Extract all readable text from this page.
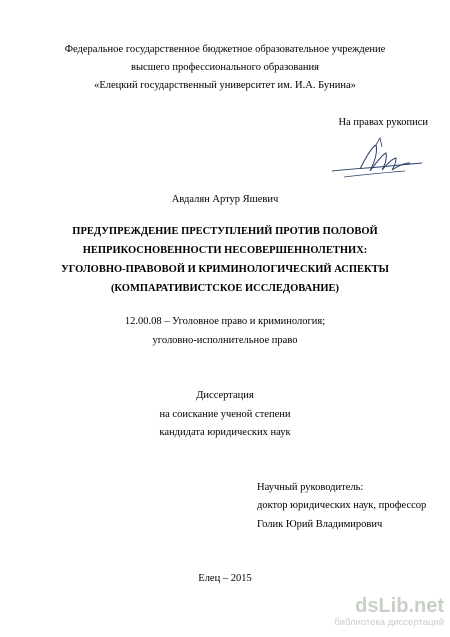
Федеральное государственное бюджетное образовательное учреждение
высшего профессионального образования
«Елецкий государственный университет им. И.А. Бунина»
На правах рукописи
Авдалян Артур Яшевич
ПРЕДУПРЕЖДЕНИЕ ПРЕСТУПЛЕНИЙ ПРОТИВ ПОЛОВОЙ
НЕПРИКОСНОВЕННОСТИ НЕСОВЕРШЕННОЛЕТНИХ:
УГОЛОВНО-ПРАВОВОЙ И КРИМИНОЛОГИЧЕСКИЙ АСПЕКТЫ
(КОМПАРАТИВИСТСКОЕ ИССЛЕДОВАНИЕ)
12.00.08 – Уголовное право и криминология;
уголовно-исполнительное право
Диссертация
на соискание ученой степени
кандидата юридических наук
Научный руководитель:
доктор юридических наук, профессор
Голик Юрий Владимирович
Елец – 2015
dsLib.net
библиотека диссертаций
